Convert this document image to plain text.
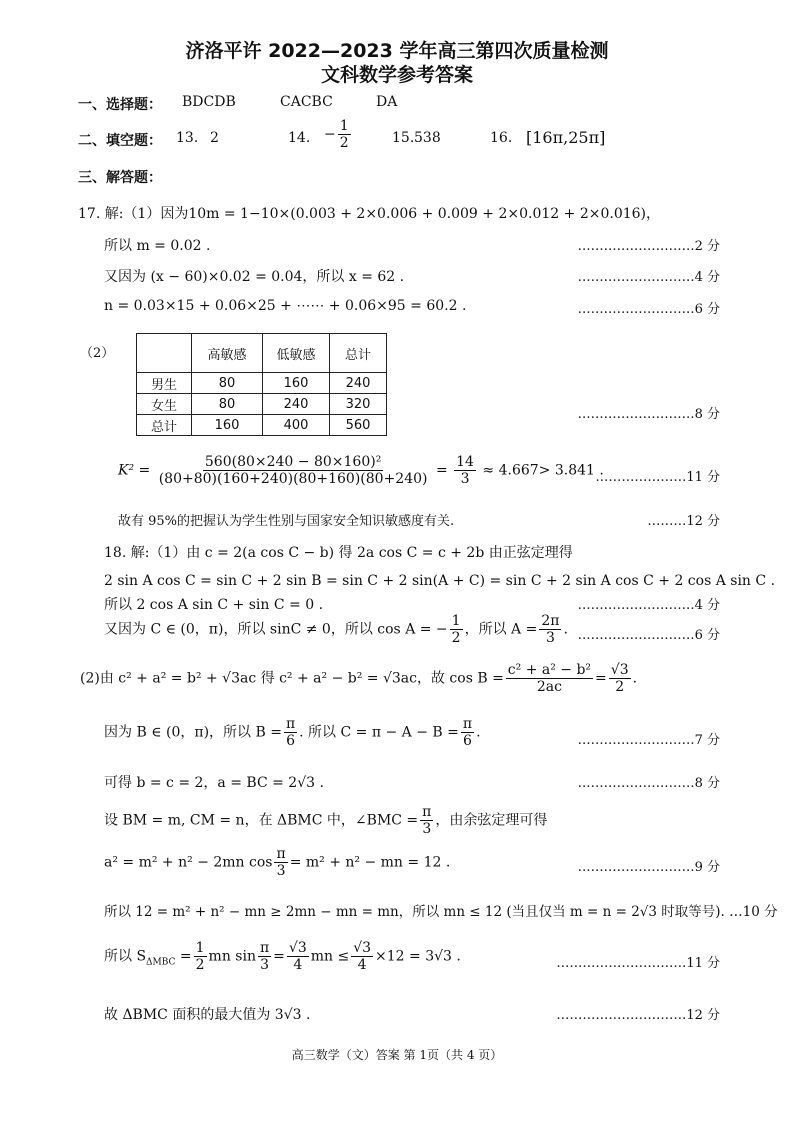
济洛平许 2022—2023 学年高三第四次质量检测
文科数学参考答案
一、选择题： BDCDB	CACBC	DA
二、填空题： 13. 2	14. − $\frac{1}{2}$	15. 538	16. [16π,25π]
三、解答题：
17. 解:（1）因为10m = 1−10×(0.003 + 2×0.006 + 0.009 + 2×0.012 + 2×0.016)，
所以 m = 0.02 .	………………………2 分
又因为 (x − 60)×0.02 = 0.04，所以 x = 62 .	………………………4 分
n = 0.03×15 + 0.06×25 + ⋯⋯ + 0.06×95 = 60.2 .	………………………6 分
（2）
		高敏感	低敏感	总计
男生	80	160	240
女生	80	240	320
总计	160	400	560
………………………8 分
$K^2 = \frac{\text{560(80×240 − 80×160)²}}{(80+80)(160+240)(80+160)(80+240)} = \frac{14}{3} \approx 4.667> 3.841$ .
…………………11 分
故有 95%的把握认为学生性别与国家安全知识敏感度有关.	………12 分
18. 解:（1）由 c = 2(a cos C − b) 得 2a cos C = c + 2b 由正弦定理得
2 sin A cos C = sin C + 2 sin B = sin C + 2 sin(A + C) = sin C + 2 sin A cos C + 2 cos A sin C .
所以 2 cos A sin C + sin C = 0 .	………………………4 分
又因为 C ∈ (0，π)，所以 sinC ≠ 0，所以 cos A = − $\frac{1}{2}$ ，所以 $A = \frac{2\pi}{3}$ . ………………………6 分
(2)由 c² + a² = b² + √3ac 得 c² + a² − b² = √3ac，故 $\cos B = \frac{\text{c² + a² − b²}}{2ac} = \frac{√3}{2}$ .
因为 B ∈ (0，π)，所以 $B = \frac{\pi}{6}$ . 所以 $C = \pi - A - B = \frac{\pi}{6}$ .	………………………7 分
可得 b = c = 2，a = BC = 2√3 .	………………………8 分
设 BM = m, CM = n，在 ΔBMC 中，∠BMC = $\frac{\pi}{3}$ ，由余弦定理可得
a² = m² + n² − 2mn $\cos \frac{\pi}{3} = m^2 + n^2$ − mn = 12 .	………………………9 分
所以 12 = m² + n² − mn ≥ 2mn − mn = mn，所以 mn ≤ 12 (当且仅当 m = n = 2√3 时取等号). …10 分
所以 $S_{\Delta MBC} = \frac{1}{2}$ mn $\sin \frac{\pi}{3} = \frac{√3}{4}$ mn ≤ $\frac{√3}{4} \times 12 = 3√3$ .	…………………………11 分
故 ΔBMC 面积的最大值为 3√3 .	…………………………12 分
高三数学（文）答案 第 1页（共 4 页）
